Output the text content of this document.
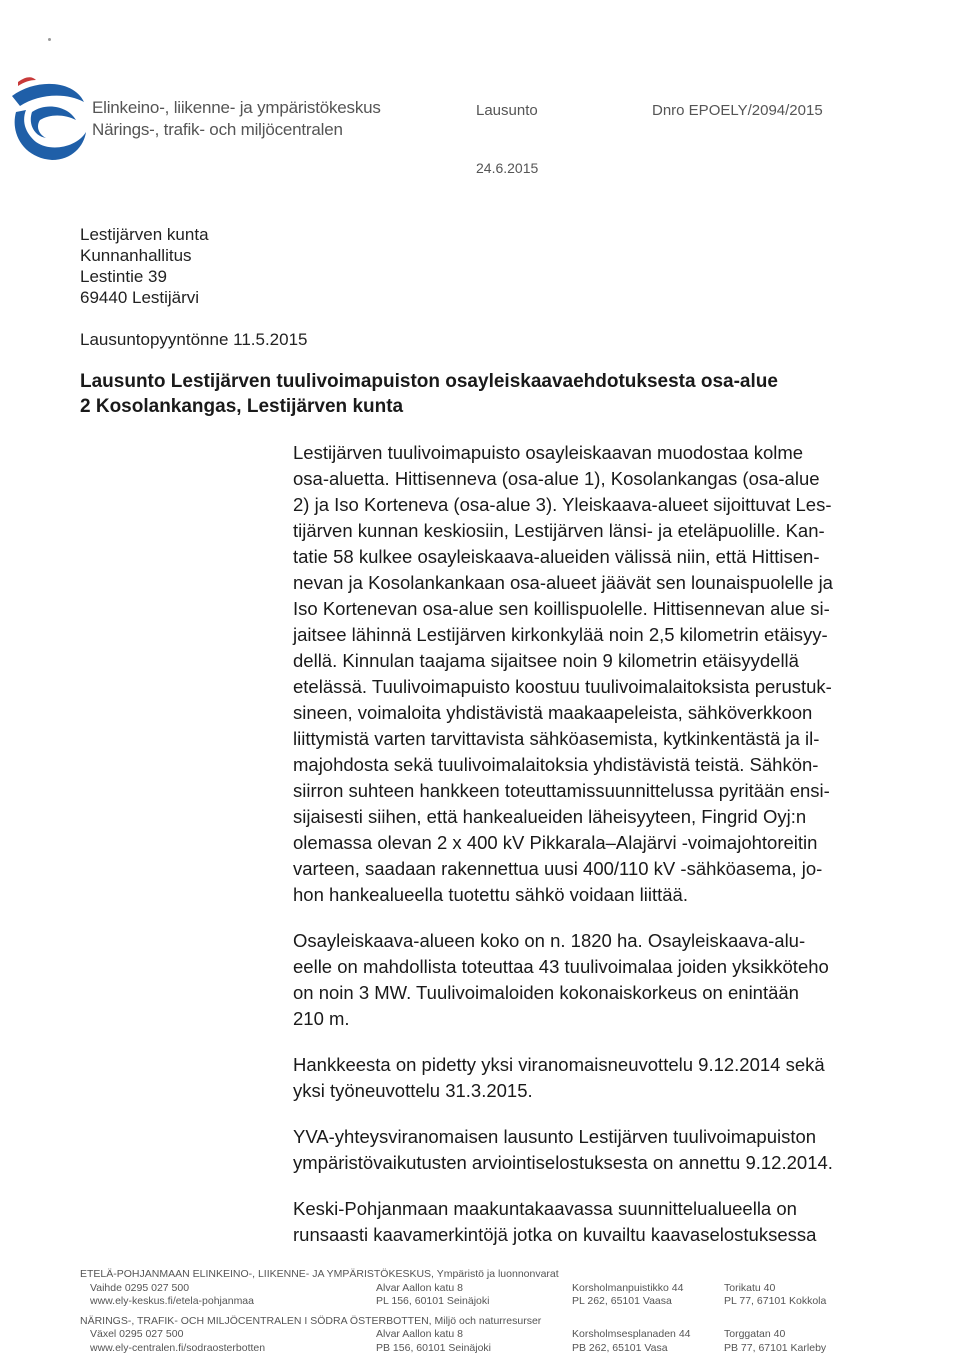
Elinkeino-, liikenne- ja ympäristökeskus
Närings-, trafik- och miljöcentralen
Lausunto	Dnro EPOELY/2094/2015
24.6.2015
Lestijärven kunta
Kunnanhallitus
Lestintie 39
69440 Lestijärvi
Lausuntopyyntönne 11.5.2015
Lausunto Lestijärven tuulivoimapuiston osayleiskaavaehdotuksesta osa-alue
2 Kosolankangas, Lestijärven kunta

Lestijärven tuulivoimapuisto osayleiskaavan muodostaa kolme
osa-aluetta. Hittisenneva (osa-alue 1), Kosolankangas (osa-alue
2) ja Iso Korteneva (osa-alue 3). Yleiskaava-alueet sijoittuvat Les-
tijärven kunnan keskiosiin, Lestijärven länsi- ja eteläpuolille. Kan-
tatie 58 kulkee osayleiskaava-alueiden välissä niin, että Hittisen-
nevan ja Kosolankankaan osa-alueet jäävät sen lounaispuolelle ja
Iso Kortenevan osa-alue sen koillispuolelle. Hittisennevan alue si-
jaitsee lähinnä Lestijärven kirkonkylää noin 2,5 kilometrin etäisyy-
dellä. Kinnulan taajama sijaitsee noin 9 kilometrin etäisyydellä
etelässä. Tuulivoimapuisto koostuu tuulivoimalaitoksista perustuk-
sineen, voimaloita yhdistävistä maakaapeleista, sähköverkkoon
liittymistä varten tarvittavista sähköasemista, kytkinkentästä ja il-
majohdosta sekä tuulivoimalaitoksia yhdistävistä teistä. Sähkön-
siirron suhteen hankkeen toteuttamissuunnittelussa pyritään ensi-
sijaisesti siihen, että hankealueiden läheisyyteen, Fingrid Oyj:n
olemassa olevan 2 x 400 kV Pikkarala–Alajärvi -voimajohtoreitin
varteen, saadaan rakennettua uusi 400/110 kV -sähköasema, jo-
hon hankealueella tuotettu sähkö voidaan liittää.

Osayleiskaava-alueen koko on n. 1820 ha. Osayleiskaava-alu-
eelle on mahdollista toteuttaa 43 tuulivoimalaa joiden yksikköteho
on noin 3 MW. Tuulivoimaloiden kokonaiskorkeus on enintään
210 m.

Hankkeesta on pidetty yksi viranomaisneuvottelu 9.12.2014 sekä
yksi työneuvottelu 31.3.2015.

YVA-yhteysviranomaisen lausunto Lestijärven tuulivoimapuiston
ympäristövaikutusten arviointiselostuksesta on annettu 9.12.2014.

Keski-Pohjanmaan maakuntakaavassa suunnittelualueella on
runsaasti kaavamerkintöjä jotka on kuvailtu kaavaselostuksessa

ETELÄ-POHJANMAAN ELINKEINO-, LIIKENNE- JA YMPÄRISTÖKESKUS, Ympäristö ja luonnonvarat
Vaihde 0295 027 500	Alvar Aallon katu 8	Korsholmanpuistikko 44	Torikatu 40
www.ely-keskus.fi/etela-pohjanmaa	PL 156, 60101 Seinäjoki	PL 262, 65101 Vaasa	PL 77, 67101 Kokkola
NÄRINGS-, TRAFIK- OCH MILJÖCENTRALEN I SÖDRA ÖSTERBOTTEN, Miljö och naturresurser
Växel 0295 027 500	Alvar Aallon katu 8	Korsholmsesplanaden 44	Torggatan 40
www.ely-centralen.fi/sodraosterbotten	PB 156, 60101 Seinäjoki	PB 262, 65101 Vasa	PB 77, 67101 Karleby
